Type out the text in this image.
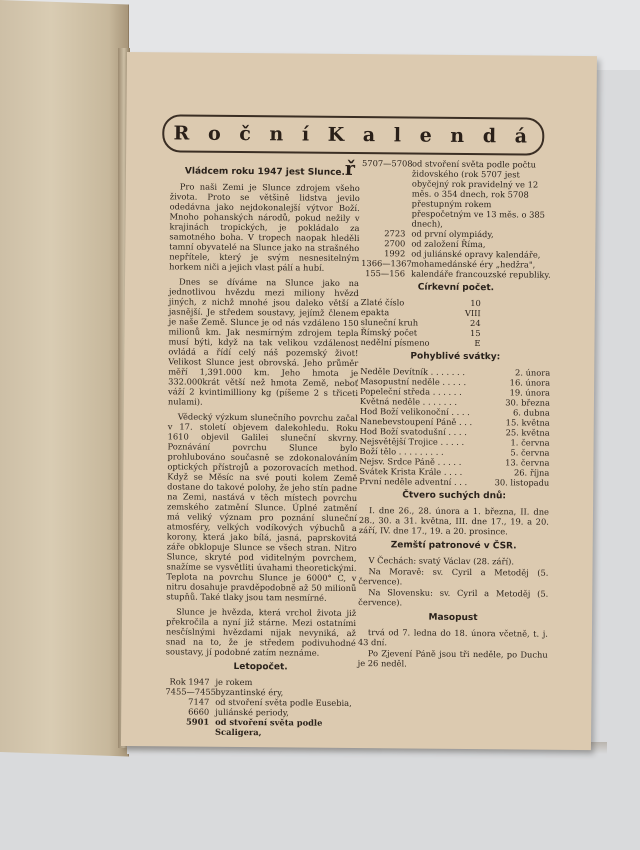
R o č n í K a l e n d á ř
Vládcem roku 1947 jest Slunce.
Pro naši Zemi je Slunce zdrojem všeho života. Proto se většině lidstva jevilo odedávna jako nejdokonalejší výtvor Boží. Mnoho pohanských národů, pokud nežily v krajinách tropických, je pokládalo za samotného boha. V tropech naopak hleděli tamní obyvatelé na Slunce jako na strašného nepřítele, který je svým nesnesitelným horkem niči a jejich vlast pálí a hubí.
Dnes se díváme na Slunce jako na jednotlivou hvězdu mezi miliony hvězd jiných, z nichž mnohé jsou daleko větší a jasnější. Je středem soustavy, jejímž členem je naše Země. Slunce je od nás vzdáleno 150 milionů km. Jak nesmírným zdrojem tepla musí býti, když na tak velikou vzdálenost ovládá a řídí celý náš pozemský život! Velikost Slunce jest obrovská. Jeho průměr měří 1,391.000 km. Jeho hmota je 332.000krát větší než hmota Země, neboť váží 2 kvintimilliony kg (píšeme 2 s třiceti nulami).
Vědecký výzkum slunečního povrchu začal v 17. století objevem dalekohledu. Roku 1610 objevil Galilei sluneční skvrny. Poznávání povrchu Slunce bylo prohlubováno současně se zdokonalováním optických přístrojů a pozorovacích method. Když se Měsíc na své pouti kolem Země dostane do takové polohy, že jeho stín padne na Zemi, nastává v těch místech povrchu zemského zatmění Slunce. Úplné zatmění má veliký význam pro poznání sluneční atmosféry, velkých vodíkových výbuchů a korony, která jako bílá, jasná, paprskovitá záře obklopuje Slunce se všech stran. Nitro Slunce, skryté pod viditelným povrchem, snažíme se vysvětliti úvahami theoretickými. Teplota na povrchu Slunce je 6000° C, v nitru dosahuje pravděpodobně až 50 milionů stupňů. Také tlaky jsou tam nesmírné.
Slunce je hvězda, která vrchol života již překročila a nyní již stárne. Mezi ostatními nesčíslnými hvězdami nijak nevyniká, až snad na to, že je středem podivuhodné soustavy, jí podobné zatím neznáme.
Letopočet.
Rok 1947 je rokem
7455—7455 byzantinské éry,
7147 od stvoření světa podle Eusebia,
6660 juliánské periody,
5901 od stvoření světa podle Scaligera,
5707—5708 od stvoření světa podle počtu židovského (rok 5707 jest obyčejný rok pravidelný ve 12 měs. o 354 dnech, rok 5708 přestupným rokem přespočetným ve 13 měs. o 385 dnech),
2723 od první olympiády,
2700 od založení Říma,
1992 od juliánské opravy kalendáře,
1366—1367 mohamedánské éry „hedžra",
155—156 kalendáře francouzské republiky.
Církevní počet.
Zlaté číslo	10
epakta	VIII
sluneční kruh	24
Římský počet	15
nedělní písmeno	E
Pohyblivé svátky:
Neděle Devítník . . . . . . .	2. února
Masopustní neděle . . . . .	16. února
Popeleční středa . . . . . .	19. února
Květná neděle . . . . . . .	30. března
Hod Boží velikonoční . . . .	6. dubna
Nanebevstoupení Páně . . .	15. května
Hod Boží svatodušní . . . .	25. května
Nejsvětější Trojice . . . . .	1. června
Boží tělo . . . . . . . . .	5. června
Nejsv. Srdce Páně . . . . .	13. června
Svátek Krista Krále . . . .	26. října
První neděle adventní . . .	30. listopadu
Čtvero suchých dnů:
I. dne 26., 28. února a 1. března, II. dne 28., 30. a 31. května, III. dne 17., 19. a 20. září, IV. dne 17., 19. a 20. prosince.
Zemští patronové v ČSR.
V Čechách: svatý Václav (28. září).
Na Moravě: sv. Cyril a Metoděj (5. července).
Na Slovensku: sv. Cyril a Metoděj (5. července).
Masopust
trvá od 7. ledna do 18. února včetně, t. j. 43 dní.
Po Zjevení Páně jsou tři neděle, po Duchu je 26 neděl.
